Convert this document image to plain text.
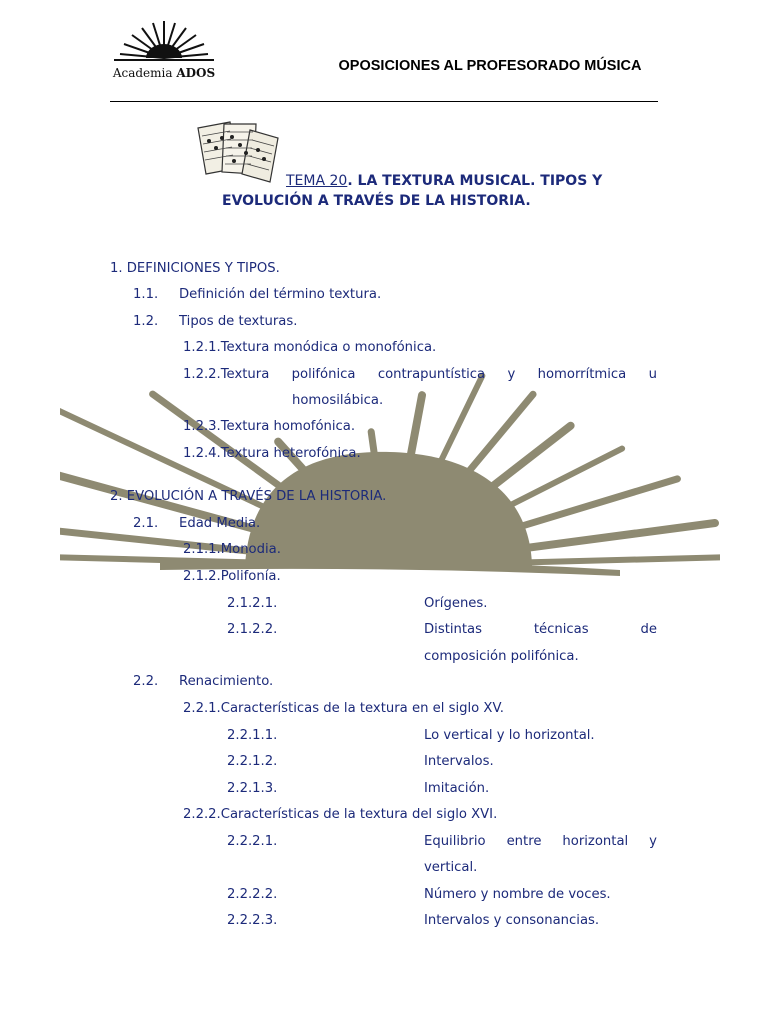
Academia ADOS	OPOSICIONES AL PROFESORADO MÚSICA
TEMA 20. LA TEXTURA MUSICAL. TIPOS Y
EVOLUCIÓN A TRAVÉS DE LA HISTORIA.
1. DEFINICIONES Y TIPOS.
1.1. Definición del término textura.
1.2. Tipos de texturas.
1.2.1.Textura monódica o monofónica.
1.2.2.Textura polifónica contrapuntística y homorrítmica u
homosilábica.
1.2.3.Textura homofónica.
1.2.4.Textura heterofónica.
2. EVOLUCIÓN A TRAVÉS DE LA HISTORIA.
2.1. Edad Media.
2.1.1.Monodia.
2.1.2.Polifonía.
2.1.2.1.	Orígenes.
2.1.2.2.	Distintas	técnicas	de
composición polifónica.
2.2. Renacimiento.
2.2.1.Características de la textura en el siglo XV.
2.2.1.1.	Lo vertical y lo horizontal.
2.2.1.2.	Intervalos.
2.2.1.3.	Imitación.
2.2.2.Características de la textura del siglo XVI.
2.2.2.1.	Equilibrio entre horizontal y
vertical.
2.2.2.2.	Número y nombre de voces.
2.2.2.3.	Intervalos y consonancias.
